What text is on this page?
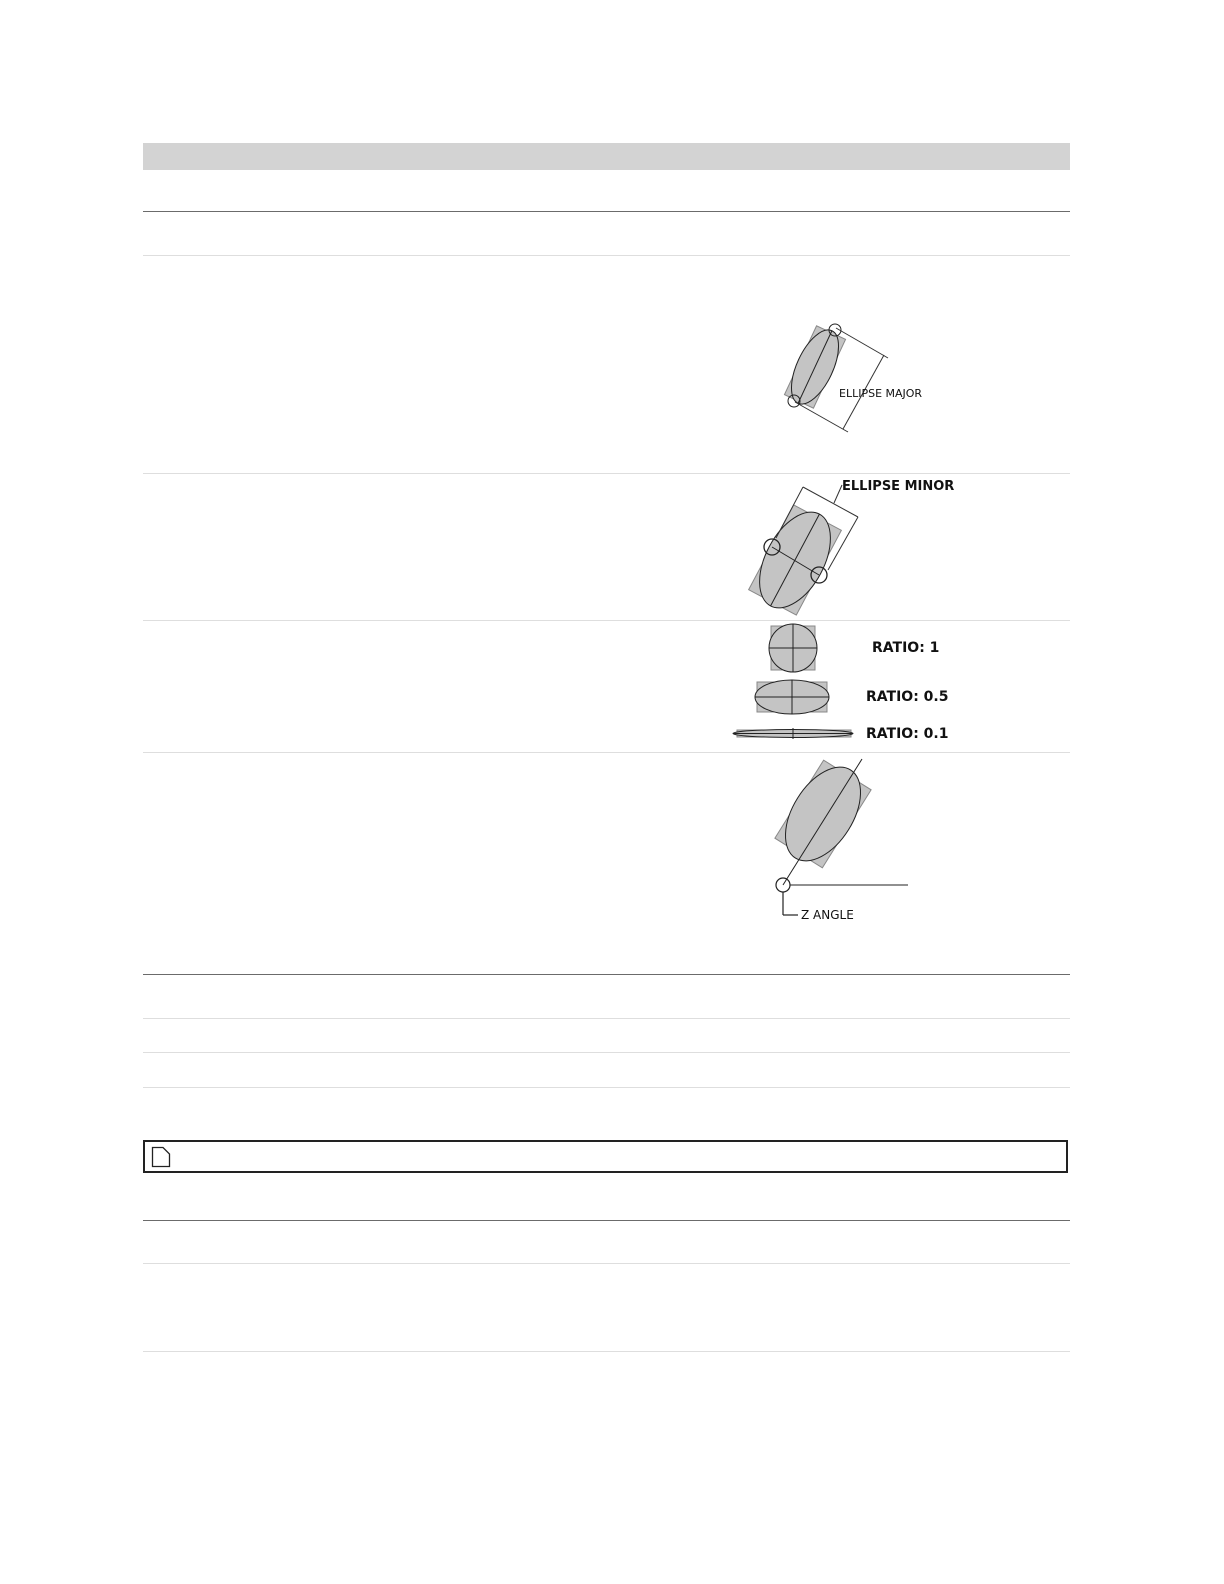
ELLIPSE MAJOR
ELLIPSE MINOR
RATIO: 1
RATIO: 0.5
RATIO: 0.1
Z ANGLE
